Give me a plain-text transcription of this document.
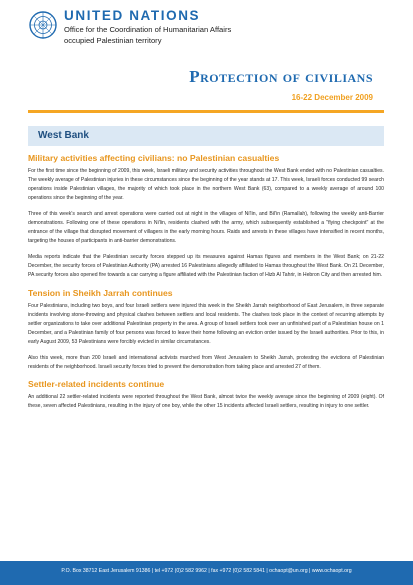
UNITED NATIONS
Office for the Coordination of Humanitarian Affairs
occupied Palestinian territory
Protection of civilians
16-22 December 2009
West Bank
Military activities affecting civilians: no Palestinian casualties

For the first time since the beginning of 2009, this week, Israeli military and security activities throughout the West Bank ended with no Palestinian casualties. The weekly average of Palestinian injuries in these circumstances since the beginning of the year stands at 17. This week, Israeli forces conducted 99 search operations inside Palestinian villages, the majority of which took place in the northern West Bank (63), compared to a weekly average of around 100 operations since the beginning of the year.

Three of this week's search and arrest operations were carried out at night in the villages of Ni'lin, and Bil'in (Ramallah), following the weekly anti-Barrier demonstrations. Following one of these operations in Ni'lin, residents clashed with the army, which subsequently established a "flying checkpoint" at the entrance of the village that disrupted movement of villagers in the early morning hours. Raids and arrests in these villages have intensified in recent months, targeting the houses of participants in anti-barrier demonstrations.

Media reports indicate that the Palestinian security forces stepped up its measures against Hamas figures and members in the West Bank; on 21-22 December, the security forces of Palestinian Authority (PA) arrested 16 Palestinians allegedly affiliated to Hamas throughout the West Bank. On 21 December, PA security forces also opened fire towards a car carrying a figure affiliated with the Palestinian faction of Hizb Al Tahrir, in Hebron City and then arrested him.

Tension in Sheikh Jarrah continues

Four Palestinians, including two boys, and four Israeli settlers were injured this week in the Sheikh Jarrah neighborhood of East Jerusalem, in three separate incidents involving stone-throwing and physical clashes between settlers and local residents. The clashes took place in the context of recurring attempts by settler organizations to take over additional Palestinian property in the area. A group of Israeli settlers took over an unfinished part of a Palestinian house on 1 December, and a Palestinian family of four persons was forced to leave their home following an eviction order issued by the Israeli authorities. Prior to this, in early August 2009, 53 Palestinians were forcibly evicted in similar circumstances.

Also this week, more than 200 Israeli and international activists marched from West Jerusalem to Sheikh Jarrah, protesting the evictions of Palestinian residents of the neighborhood. Israeli security forces tried to prevent the demonstration from taking place and arrested 27 of them.

Settler-related incidents continue

An additional 22 settler-related incidents were reported throughout the West Bank, almost twice the weekly average since the beginning of 2009 (eight). Of these, seven affected Palestinians, resulting in the injury of one boy, while the other 15 incidents affected Israeli settlers, resulting in injury to one settler.

P.O. Box 38712 East Jerusalem 91386 | tel +972 (0)2 582 9962 | fax +972 (0)2 582 5841 | ochaopt@un.org | www.ochaopt.org
